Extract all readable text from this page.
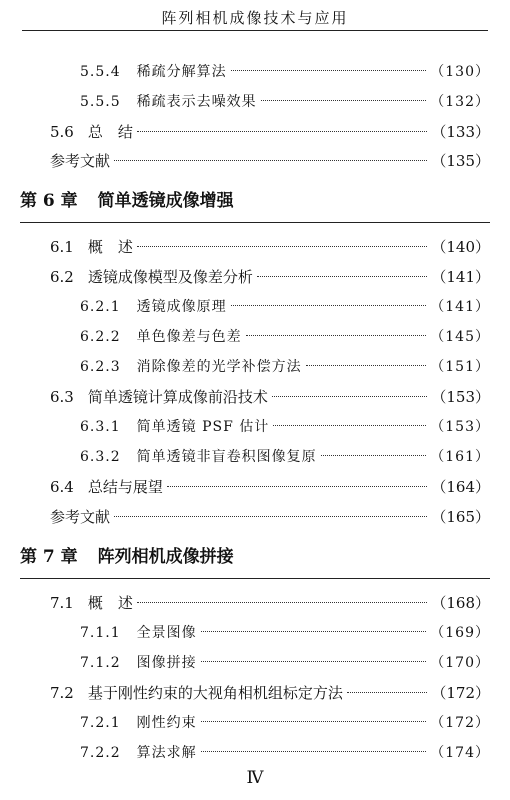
阵列相机成像技术与应用
5.5.4 稀疏分解算法	（130）
5.5.5 稀疏表示去噪效果	（132）
5.6 总　结	（133）
参考文献	（135）
第 6 章 简单透镜成像增强
6.1 概　述	（140）
6.2 透镜成像模型及像差分析	（141）
6.2.1 透镜成像原理	（141）
6.2.2 单色像差与色差	（145）
6.2.3 消除像差的光学补偿方法	（151）
6.3 简单透镜计算成像前沿技术	（153）
6.3.1 简单透镜 PSF 估计	（153）
6.3.2 简单透镜非盲卷积图像复原	（161）
6.4 总结与展望	（164）
参考文献	（165）
第 7 章 阵列相机成像拼接
7.1 概　述	（168）
7.1.1 全景图像	（169）
7.1.2 图像拼接	（170）
7.2 基于刚性约束的大视角相机组标定方法	（172）
7.2.1 刚性约束	（172）
7.2.2 算法求解	（174）
Ⅳ
